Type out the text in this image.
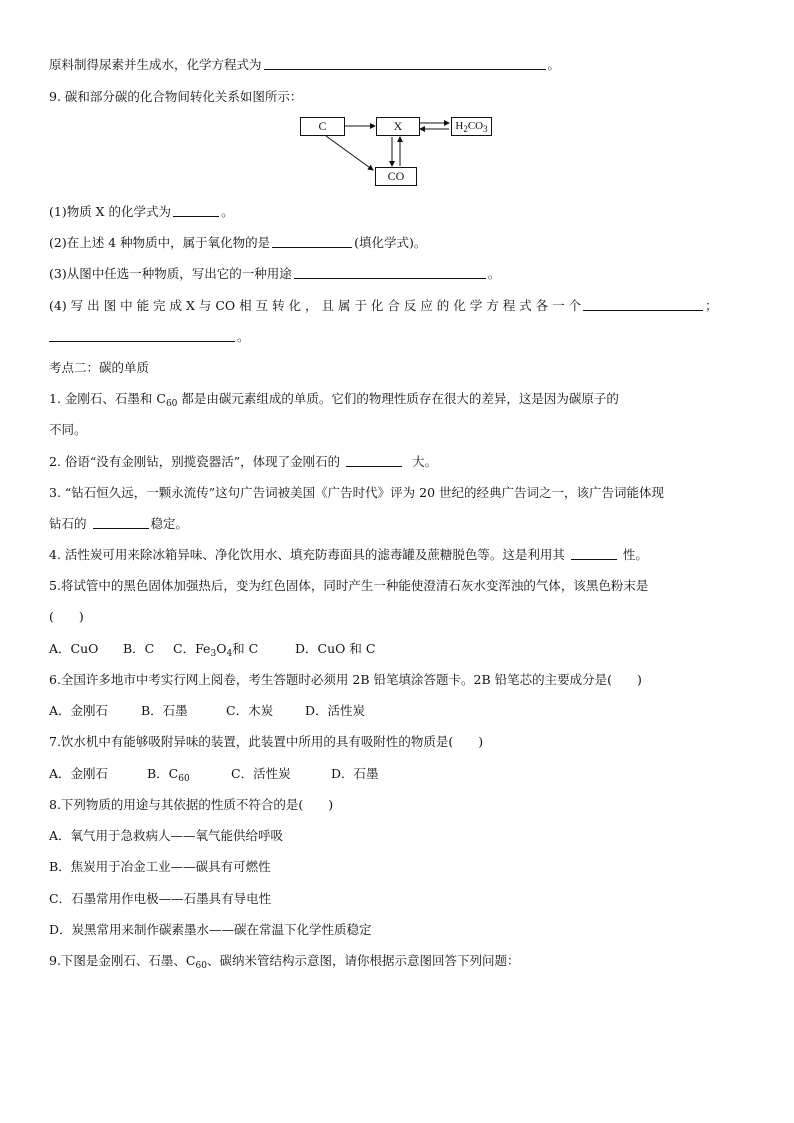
原料制得尿素并生成水，化学方程式为	。
9. 碳和部分碳的化合物间转化关系如图所示：
C	X	$H_2CO_3$
CO
(1)物质 X 的化学式为	。
(2)在上述 4 种物质中，属于氧化物的是	(填化学式)。
(3)从图中任选一种物质，写出它的一种用途	。
(4) 写 出 图 中 能 完 成 X 与 CO 相 互 转 化 ， 且 属 于 化 合 反 应 的 化 学 方 程 式 各 一 个	；
。
考点二：碳的单质
1. 金刚石、石墨和 $C_{60}$ 都是由碳元素组成的单质。它们的物理性质存在很大的差异，这是因为碳原子的
不同。
2. 俗语“没有金刚钻，别揽瓷器活”，体现了金刚石的	大。
3. “钻石恒久远，一颗永流传”这句广告词被美国《广告时代》评为 20 世纪的经典广告词之一，该广告词能体现
钻石的	稳定。
4. 活性炭可用来除冰箱异味、净化饮用水、填充防毒面具的滤毒罐及蔗糖脱色等。这是利用其	性。
5.将试管中的黑色固体加强热后，变为红色固体，同时产生一种能使澄清石灰水变浑浊的气体，该黑色粉末是
(　　)
A．CuO B．C C．$Fe_3O_4$和 C	D．CuO 和 C
6.全国许多地市中考实行网上阅卷，考生答题时必须用 2B 铅笔填涂答题卡。2B 铅笔芯的主要成分是(　　)
A．金刚石	B．石墨	C．木炭	D．活性炭
7.饮水机中有能够吸附异味的装置，此装置中所用的具有吸附性的物质是(　　)
A．金刚石	B．$C_{60}$	C．活性炭	D．石墨
8.下列物质的用途与其依据的性质不符合的是(　　)
A．氧气用于急救病人——氧气能供给呼吸
B．焦炭用于冶金工业——碳具有可燃性
C．石墨常用作电极——石墨具有导电性
D．炭黑常用来制作碳素墨水——碳在常温下化学性质稳定
9.下图是金刚石、石墨、$C_{60}$、碳纳米管结构示意图，请你根据示意图回答下列问题：
